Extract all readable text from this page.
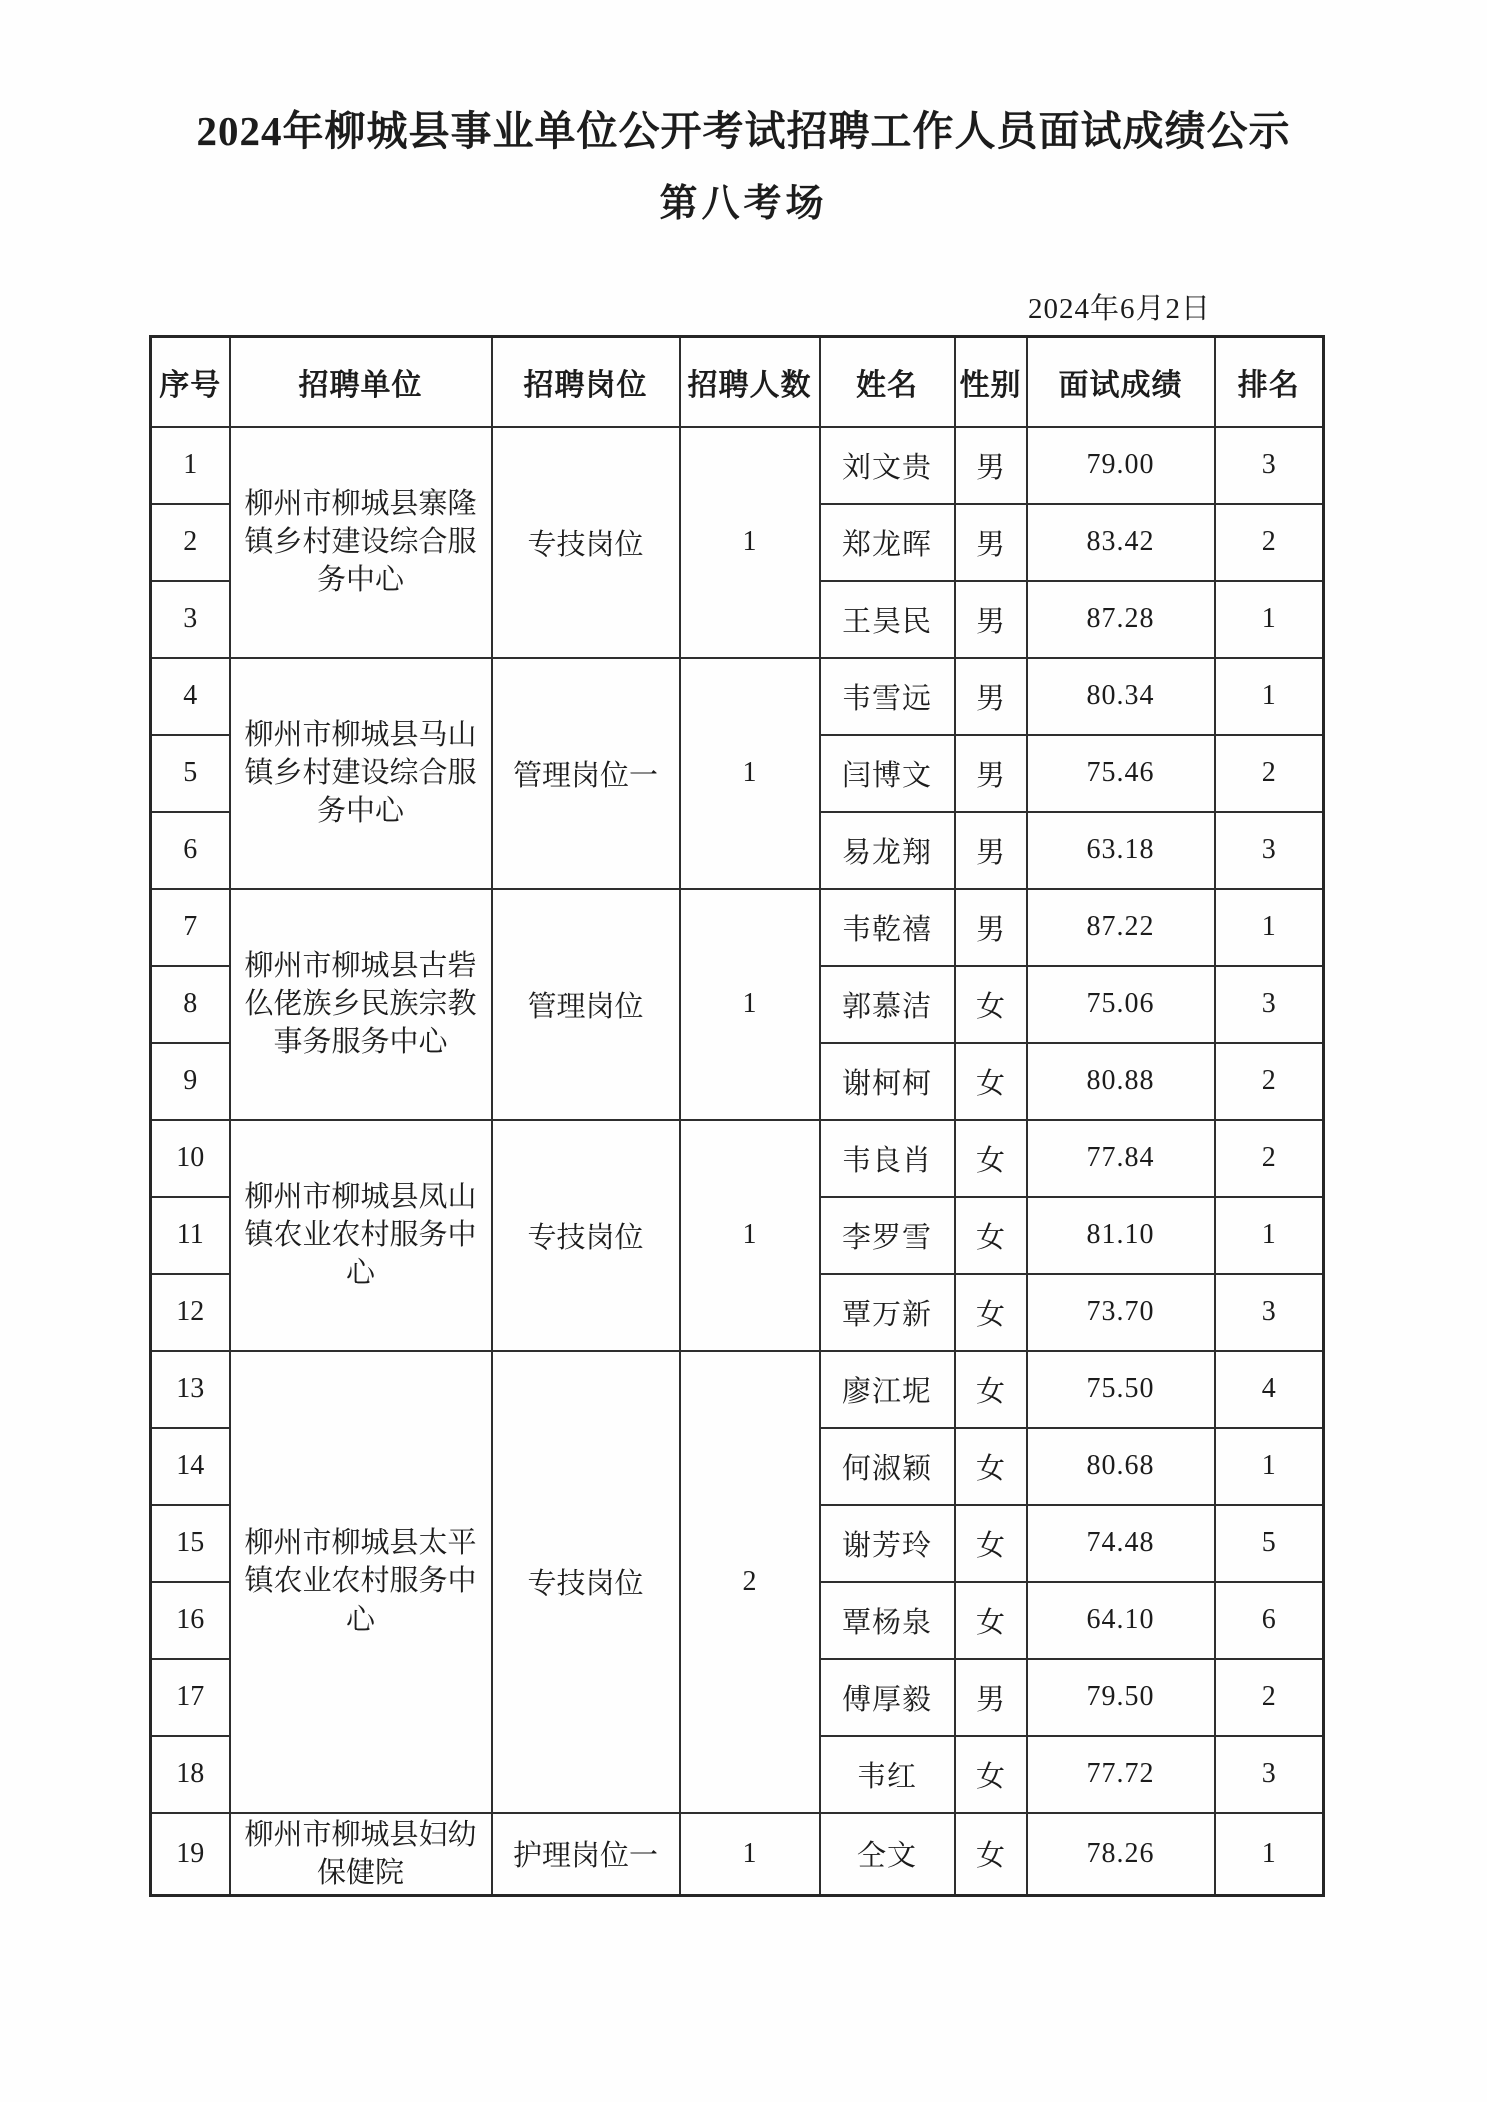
2024年柳城县事业单位公开考试招聘工作人员面试成绩公示
第八考场
2024年6月2日
序号	招聘单位	招聘岗位	招聘人数	姓名	性别	面试成绩	排名
1	柳州市柳城县寨隆镇乡村建设综合服务中心	专技岗位	1	刘文贵	男	79.00	3
2				郑龙晖	男	83.42	2
3				王昊民	男	87.28	1
4	柳州市柳城县马山镇乡村建设综合服务中心	管理岗位一	1	韦雪远	男	80.34	1
5				闫博文	男	75.46	2
6				易龙翔	男	63.18	3
7	柳州市柳城县古砦仫佬族乡民族宗教事务服务中心	管理岗位	1	韦乾禧	男	87.22	1
8				郭慕洁	女	75.06	3
9				谢柯柯	女	80.88	2
10	柳州市柳城县凤山镇农业农村服务中心	专技岗位	1	韦良肖	女	77.84	2
11				李罗雪	女	81.10	1
12				覃万新	女	73.70	3
13	柳州市柳城县太平镇农业农村服务中心	专技岗位	2	廖江坭	女	75.50	4
14				何淑颖	女	80.68	1
15				谢芳玲	女	74.48	5
16				覃杨泉	女	64.10	6
17				傅厚毅	男	79.50	2
18				韦红	女	77.72	3
19	柳州市柳城县妇幼保健院	护理岗位一	1	仝文	女	78.26	1
